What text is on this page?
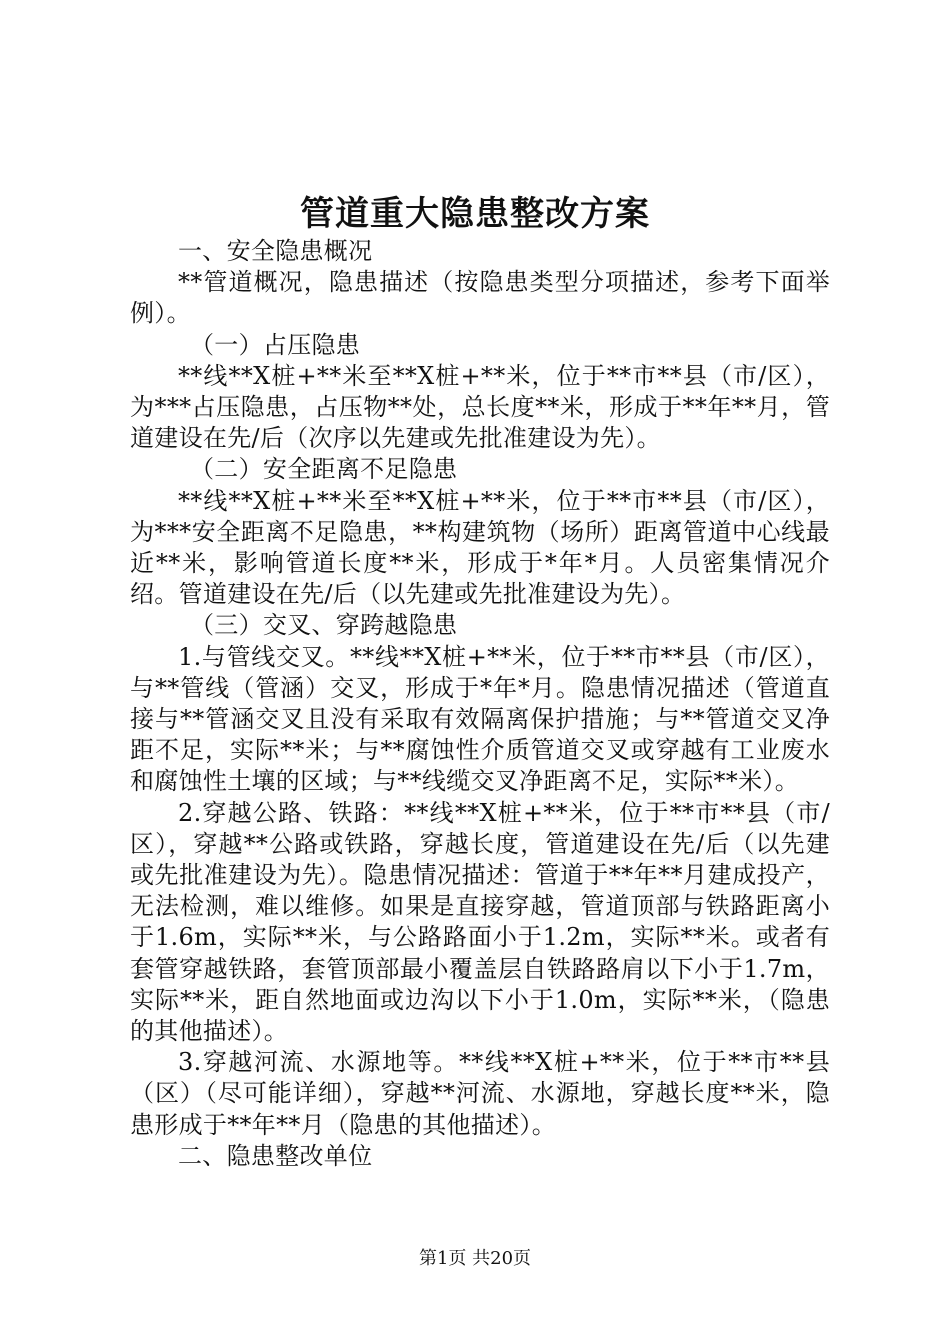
管道重大隐患整改方案

一、安全隐患概况

**管道概况，隐患描述（按隐患类型分项描述，参考下面举例）。

（一）占压隐患

**线**X桩+**米至**X桩+**米，位于**市**县（市/区），为***占压隐患，占压物**处，总长度**米，形成于**年**月，管道建设在先/后（次序以先建或先批准建设为先）。

（二）安全距离不足隐患

**线**X桩+**米至**X桩+**米，位于**市**县（市/区），为***安全距离不足隐患，**构建筑物（场所）距离管道中心线最近**米，影响管道长度**米，形成于*年*月。人员密集情况介绍。管道建设在先/后（以先建或先批准建设为先）。

（三）交叉、穿跨越隐患

1.与管线交叉。**线**X桩+**米，位于**市**县（市/区），与**管线（管涵）交叉，形成于*年*月。隐患情况描述（管道直接与**管涵交叉且没有采取有效隔离保护措施；与**管道交叉净距不足，实际**米；与**腐蚀性介质管道交叉或穿越有工业废水和腐蚀性土壤的区域；与**线缆交叉净距离不足，实际**米）。

2.穿越公路、铁路：**线**X桩+**米，位于**市**县（市/区），穿越**公路或铁路，穿越长度，管道建设在先/后（以先建或先批准建设为先）。隐患情况描述：管道于**年**月建成投产，无法检测，难以维修。如果是直接穿越，管道顶部与铁路距离小于1.6m，实际**米，与公路路面小于1.2m，实际**米。或者有套管穿越铁路，套管顶部最小覆盖层自铁路路肩以下小于1.7m，实际**米，距自然地面或边沟以下小于1.0m，实际**米，（隐患的其他描述）。

3.穿越河流、水源地等。**线**X桩+**米，位于**市**县（区）（尽可能详细），穿越**河流、水源地，穿越长度**米，隐患形成于**年**月（隐患的其他描述）。

二、隐患整改单位

第1页 共20页
